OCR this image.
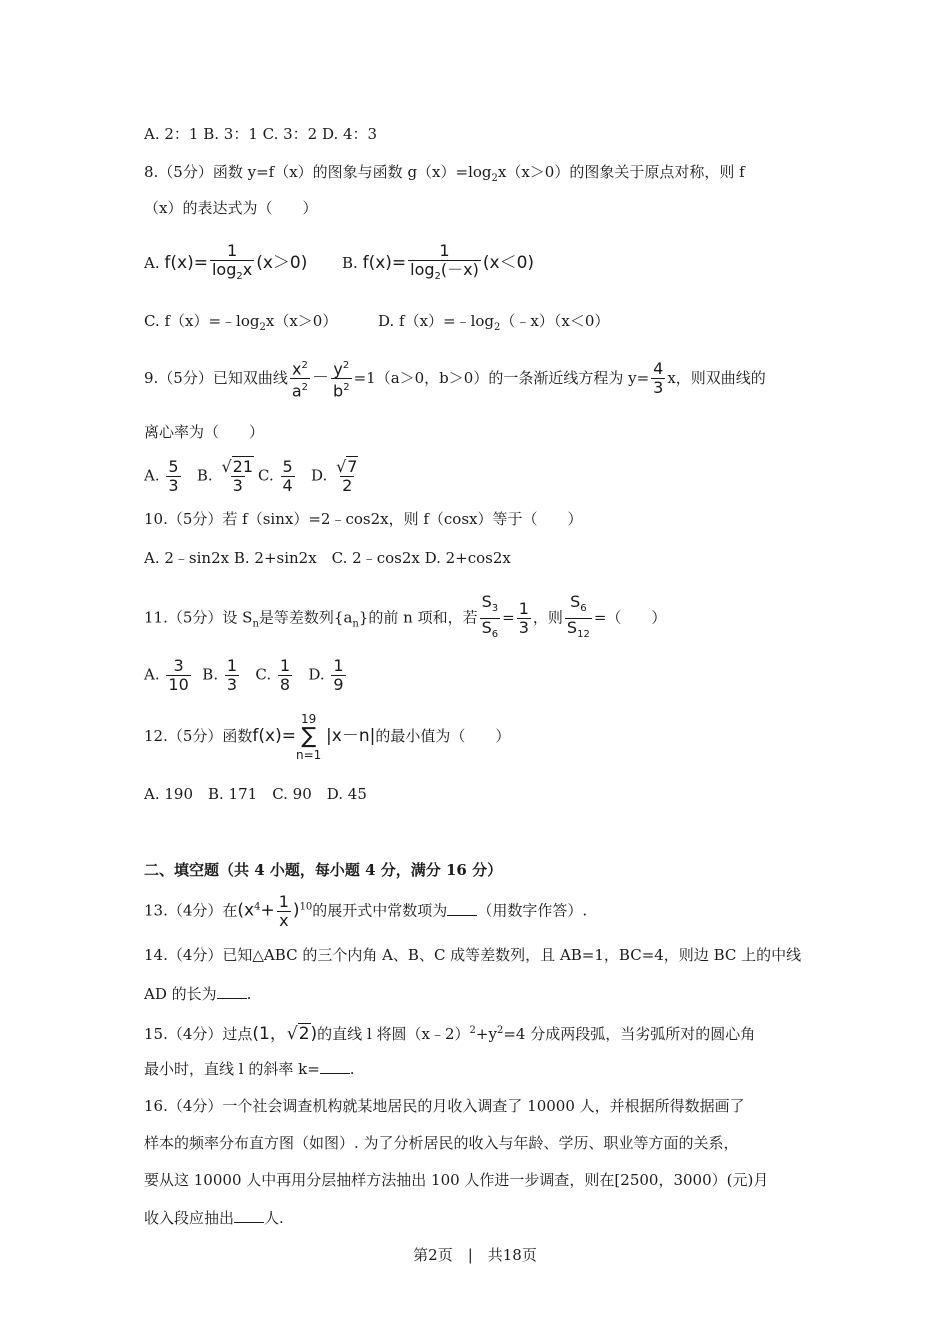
A. 2：1 B. 3：1 C. 3：2 D. 4：3
8.（5分）函数 y=f（x）的图象与函数 $g(x)=\log_2x(x>0)$的图象关于原点对称，则 f
（x）的表达式为（　　）
A. $f(x)= \frac{1}{\log_2x} (x>0)$ B. $f(x)= \frac{1}{\log_2(-x)} (x<0)$
C. $f(x)=﹣\log_2x(x>0)$	D. $f(x)=﹣\log_2(﹣x)(x<0)$
9.（5分）已知双曲线 $\frac{x^2}{a^2} - \frac{y^2}{b^2} =1(a>0$，b＞0）的一条渐近线方程为 $y= \frac{4}{3}$ x，则双曲线的
离心率为（　　）
A. $\frac{5}{3} B$. $\frac{√21}{3} C$. $\frac{5}{4} D$. $\frac{√7}{2}$
10.（5分）若 f（sinx）=2﹣cos2x，则 f（cosx）等于（　　）
A. 2﹣sin2x B. 2+sin2x　C. 2﹣cos2x D. 2+cos2x
11.（5分）设 $S_n$是等差数列$\{a_n\}$的前 n 项和，若 $\frac{S_3}{S_6} = \frac{1}{3}$ ，则 $\frac{S_6}{S_{12}}$ =（　　）
A. $\frac{3}{10} B$. $\frac{1}{3} C$. $\frac{1}{8} D$. $\frac{1}{9}$
12.（5分）函数f(x)=
19
∑
n=1
|x－n|的最小值为（　　）
A. 190　B. 171　C. 90　D. 45
二、填空题（共 4 小题，每小题 4 分，满分 16 分）
13.（4分）在$(x^4+ \frac{1}{x} )^{10}$的展开式中常数项为 （用数字作答）.
14.（4分）已知△ABC 的三个内角 A、B、C 成等差数列，且 AB=1，BC=4，则边 BC 上的中线
AD 的长为 .
15.（4分）过点(1，√2)的直线 l 将圆$(x﹣2)^2+y^2=4$ 分成两段弧，当劣弧所对的圆心角
最小时，直线 l 的斜率 k= .
16.（4分）一个社会调查机构就某地居民的月收入调查了 10000 人，并根据所得数据画了
样本的频率分布直方图（如图）. 为了分析居民的收入与年龄、学历、职业等方面的关系，
要从这 10000 人中再用分层抽样方法抽出 100 人作进一步调查，则在[2500，3000）(元)月
收入段应抽出 人.
第2页　|　共18页
